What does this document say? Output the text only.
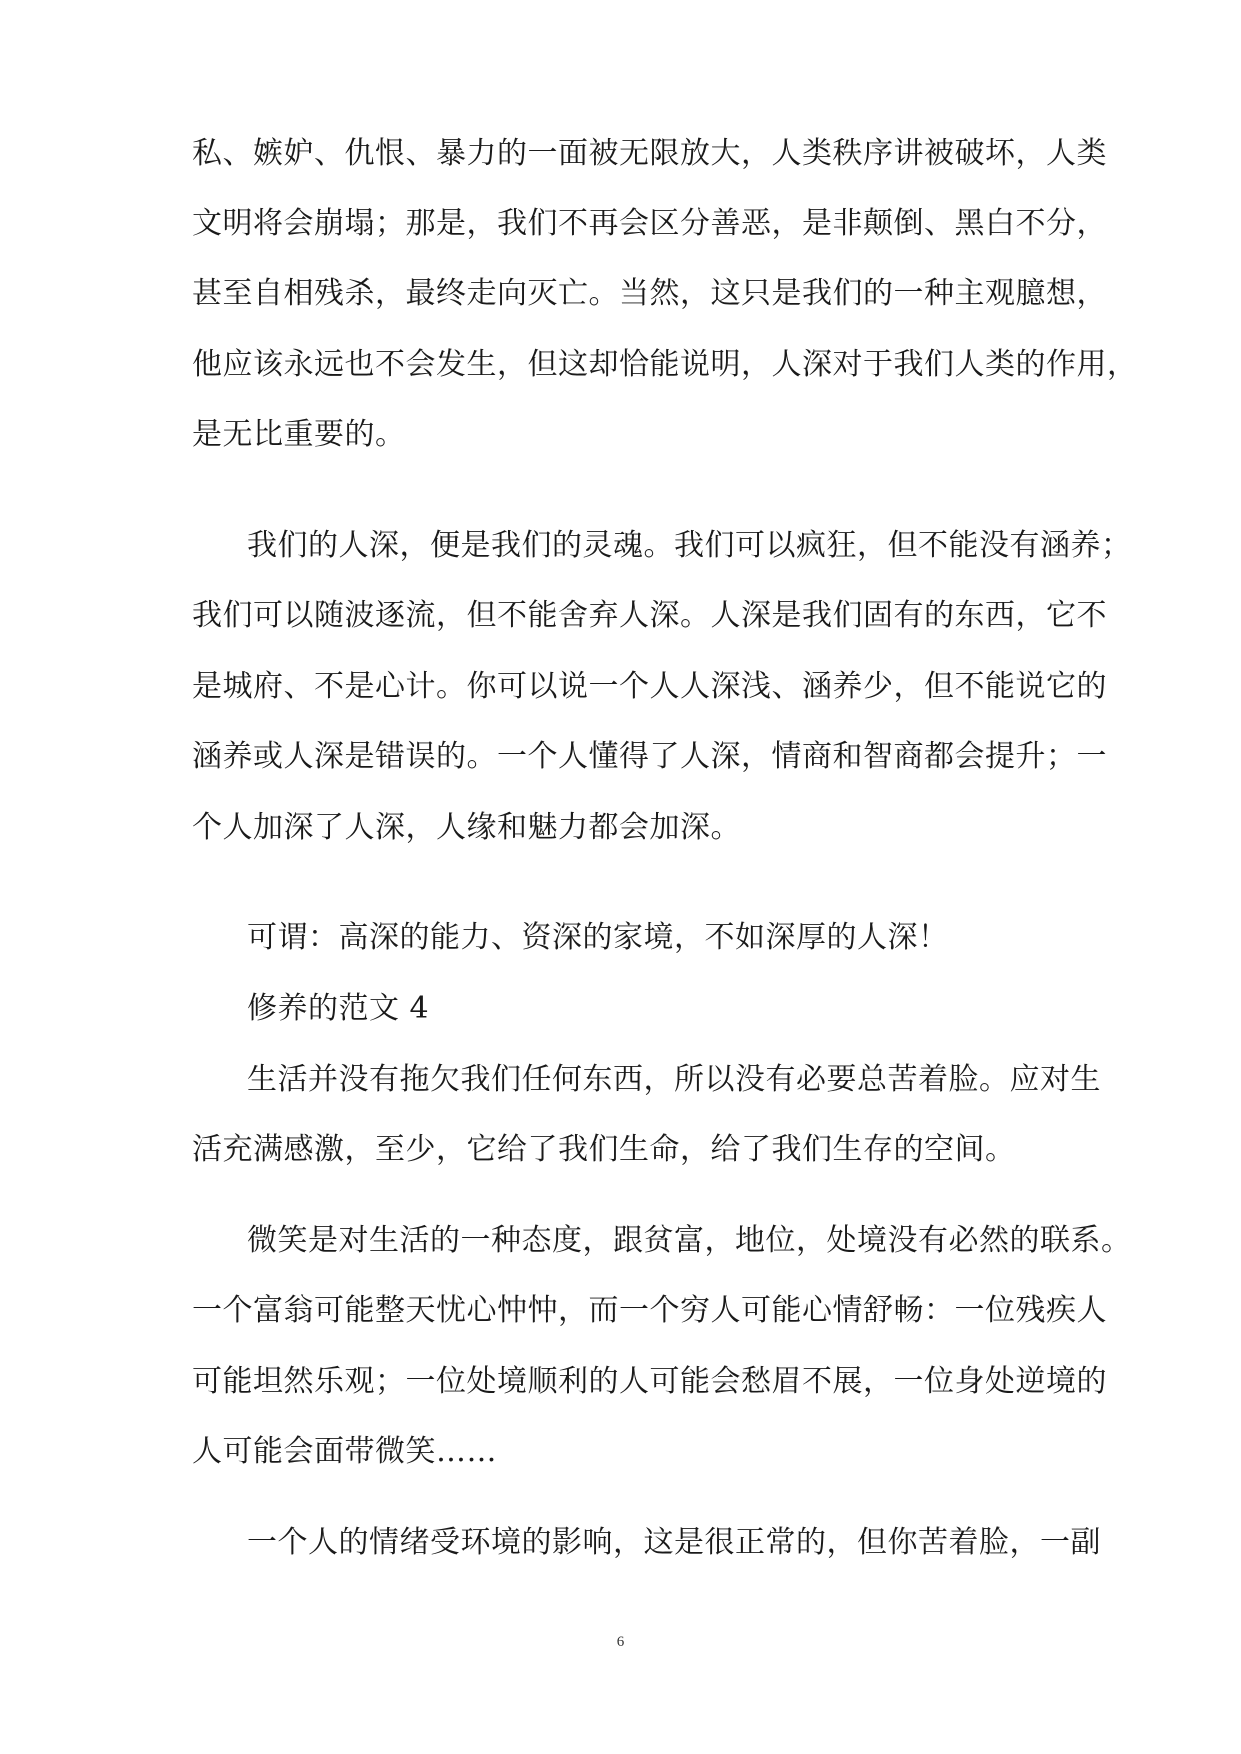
私、嫉妒、仇恨、暴力的一面被无限放大，人类秩序讲被破坏，人类
文明将会崩塌；那是，我们不再会区分善恶，是非颠倒、黑白不分，
甚至自相残杀，最终走向灭亡。当然，这只是我们的一种主观臆想，
他应该永远也不会发生，但这却恰能说明，人深对于我们人类的作用，
是无比重要的。
我们的人深，便是我们的灵魂。我们可以疯狂，但不能没有涵养；
我们可以随波逐流，但不能舍弃人深。人深是我们固有的东西，它不
是城府、不是心计。你可以说一个人人深浅、涵养少，但不能说它的
涵养或人深是错误的。一个人懂得了人深，情商和智商都会提升；一
个人加深了人深，人缘和魅力都会加深。
可谓：高深的能力、资深的家境，不如深厚的人深！
修养的范文 4
生活并没有拖欠我们任何东西，所以没有必要总苦着脸。应对生
活充满感激，至少，它给了我们生命，给了我们生存的空间。
微笑是对生活的一种态度，跟贫富，地位，处境没有必然的联系。
一个富翁可能整天忧心忡忡，而一个穷人可能心情舒畅：一位残疾人
可能坦然乐观；一位处境顺利的人可能会愁眉不展，一位身处逆境的
人可能会面带微笑……
一个人的情绪受环境的影响，这是很正常的，但你苦着脸，一副
6
